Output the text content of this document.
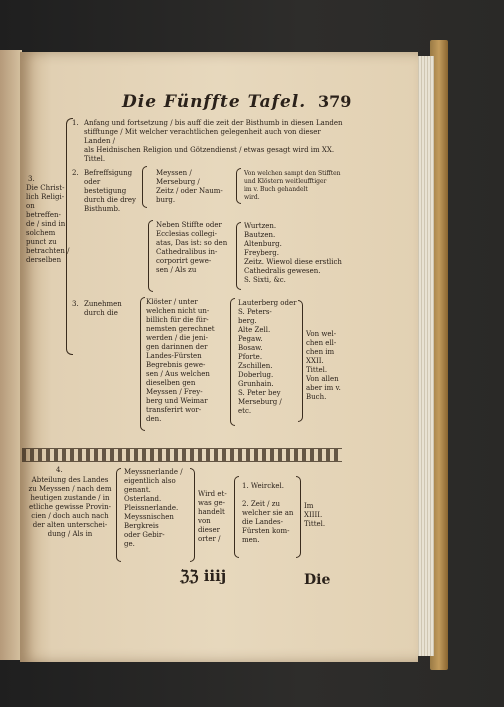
Die Fünffte Tafel. 379
3.
Die Christ-
lich Religi-
on betreffen-
de / sind in
solchem
punct zu
betrachten /
derselben
1. Anfang und fortsetzung / bis auff die zeit der Bisthumb in diesen Landen
stifftunge / Mit welcher verachtlichen gelegenheit auch von dieser Landen /
als Heidnischen Religion und Götzendienst / etwas gesagt wird im XX.
Tittel.
2. Befreffsigung
oder bestetigung
durch die drey
Bisthumb.
Meyssen /
Merseburg /
Zeitz / oder Naum-
burg.
Von welchen sampt den Stifften
und Klöstern weitleufftiger
im v. Buch gehandelt
wird.
Neben Stiffte oder
Ecclesias collegi-
atas, Das ist: so den
Cathedralibus in-
corporirt gewe-
sen / Als zu
Wurtzen.
Bautzen.
Altenburg.
Freyberg.
Zeitz. Wiewol diese erstlich
Cathedralis gewesen.
S. Sixti, &c.
3. Zunehmen
durch die
Klöster / unter
welchen nicht un-
billich für die für-
nemsten gerechnet
werden / die jeni-
gen darinnen der
Landes-Fürsten
Begrebnis gewe-
sen / Aus welchen
dieselben gen
Meyssen / Frey-
berg und Weimar
transferirt wor-
den.
Lauterberg oder
S. Peters-
berg.
Alte Zell.
Pegaw.
Bosaw.
Pforte.
Zschillen.
Doberlug.
Grunhain.
S. Peter bey
Merseburg /
etc.
Von wel-
chen ell-
chen im
XXII.
Tittel.
Von allen
aber im v.
Buch.
4.
Abteilung des Landes
zu Meyssen / nach dem
heutigen zustande / in
etliche gewisse Provin-
cien / doch auch nach
der alten unterschei-
dung / Als in
Meyssnerlande /
eigentlich also
genant.
Osterland.
Pleissnerlande.
Meyssnischen
Bergkreis
oder Gebir-
ge.
Wird et-
was ge-
handelt
von dieser
orter /
1. Weirckel.

2. Zeit / zu
welcher sie an
die Landes-
Fürsten kom-
men.
Im
XIIII.
Tittel.
ℨℨ iiij	Die
